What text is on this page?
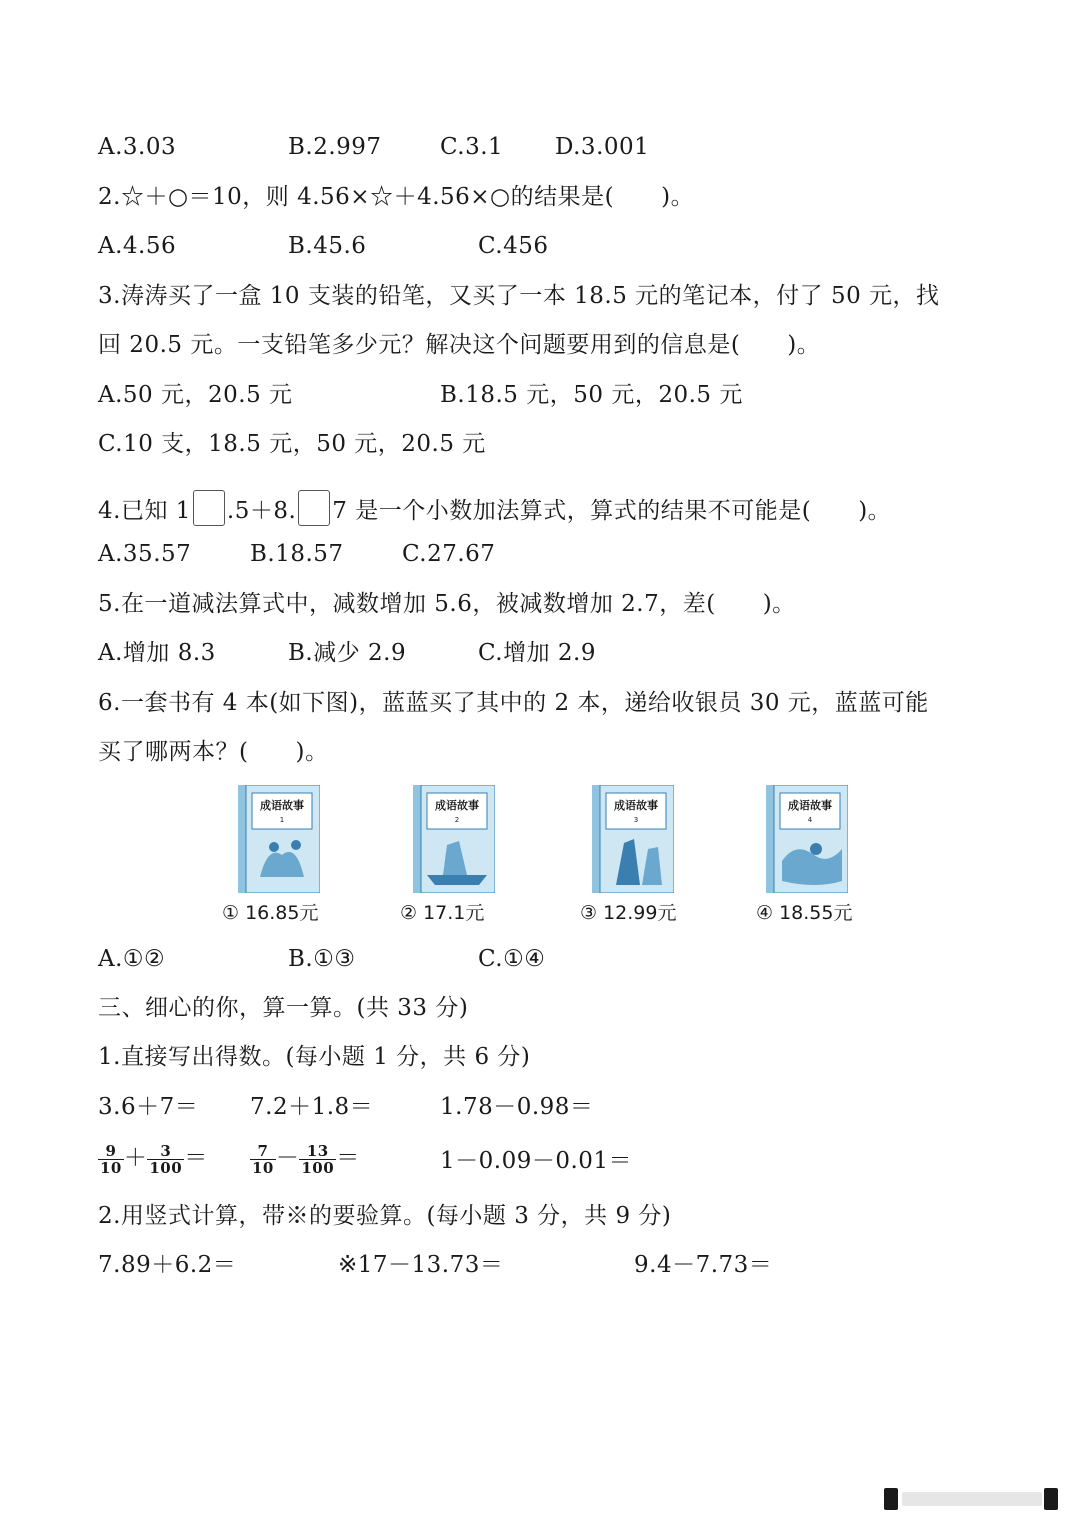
A.3.03	B.2.997	C.3.1 D.3.001
2.☆＋○＝10，则 4.56×☆＋4.56×○的结果是(　　)。
A.4.56	B.45.6	C.456
3.涛涛买了一盒 10 支装的铅笔，又买了一本 18.5 元的笔记本，付了 50 元，找
回 20.5 元。一支铅笔多少元？解决这个问题要用到的信息是(　　)。
A.50 元，20.5 元	B.18.5 元，50 元，20.5 元
C.10 支，18.5 元，50 元，20.5 元
4.已知 1 .5＋8. 7 是一个小数加法算式，算式的结果不可能是(　　)。
A.35.57	B.18.57	C.27.67
5.在一道减法算式中，减数增加 5.6，被减数增加 2.7，差(　　)。
A.增加 8.3	B.减少 2.9	C.增加 2.9
6.一套书有 4 本(如下图)，蓝蓝买了其中的 2 本，递给收银员 30 元，蓝蓝可能
买了哪两本？(　　)。
成语故事
1
成语故事
2
成语故事
3
成语故事
4
① 16.85元	② 17.1元	③ 12.99元	④ 18.55元
A.①②	B.①③	C.①④
三、细心的你，算一算。(共 33 分)
1.直接写出得数。(每小题 1 分，共 6 分)
3.6＋7＝ 7.2＋1.8＝	1.78－0.98＝
$\frac{9}{10} + \frac{3}{100}$ ＝	$\frac{7}{10} - \frac{13}{100}$ ＝	1－0.09－0.01＝
2.用竖式计算，带※的要验算。(每小题 3 分，共 9 分)
7.89＋6.2＝	※17－13.73＝	9.4－7.73＝
